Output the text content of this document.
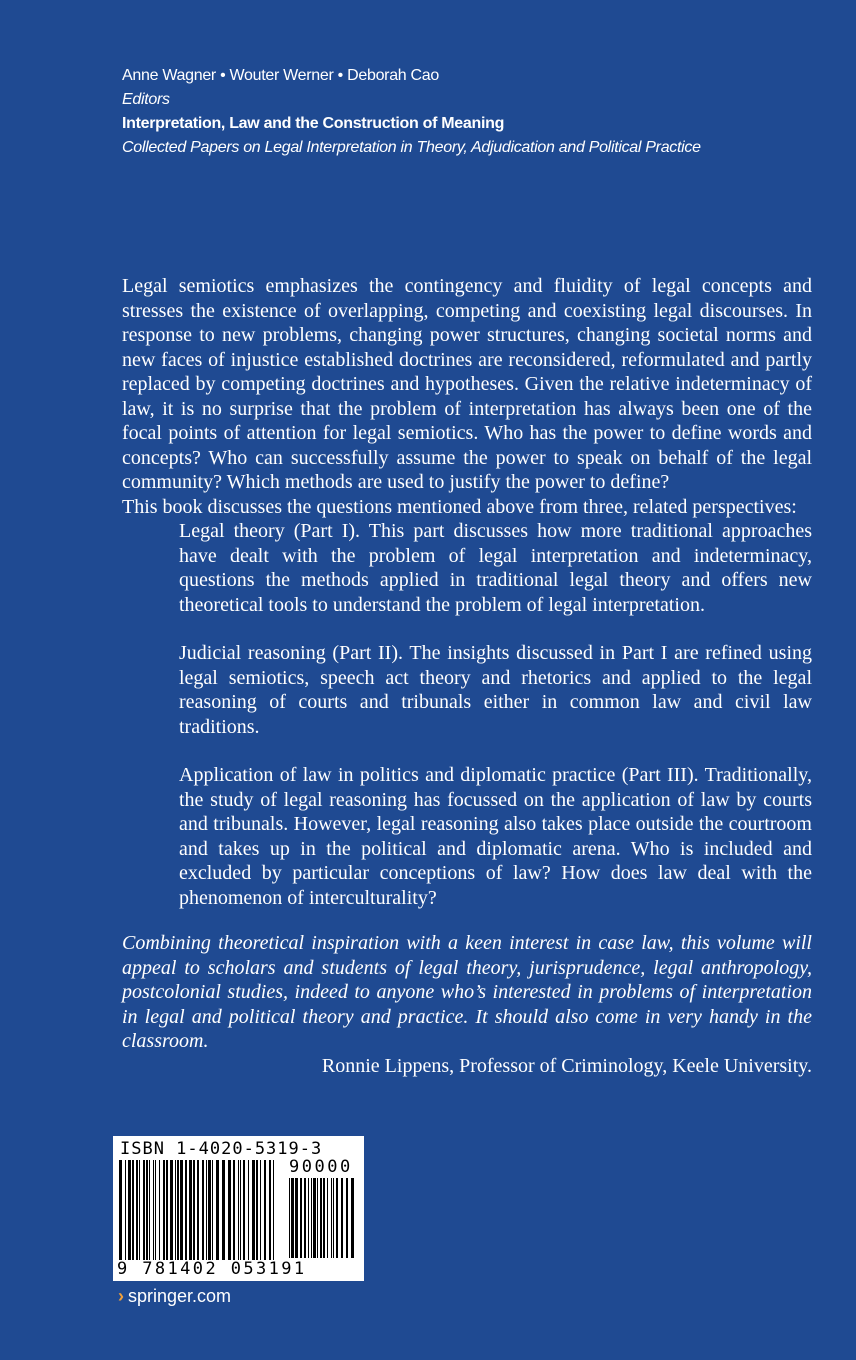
Anne Wagner • Wouter Werner • Deborah Cao
Editors
Interpretation, Law and the Construction of Meaning
Collected Papers on Legal Interpretation in Theory, Adjudication and Political Practice

Legal semiotics emphasizes the contingency and fluidity of legal concepts and stresses the existence of overlapping, competing and coexisting legal discourses. In response to new problems, changing power structures, changing societal norms and new faces of injustice established doctrines are reconsidered, reformulated and partly replaced by competing doctrines and hypotheses. Given the relative indeterminacy of law, it is no surprise that the problem of interpretation has always been one of the focal points of attention for legal semiotics. Who has the power to define words and concepts? Who can successfully assume the power to speak on behalf of the legal community? Which methods are used to justify the power to define?

This book discusses the questions mentioned above from three, related perspectives:

Legal theory (Part I). This part discusses how more traditional approaches have dealt with the problem of legal interpretation and indeterminacy, questions the methods applied in traditional legal theory and offers new theoretical tools to understand the problem of legal interpretation.

Judicial reasoning (Part II). The insights discussed in Part I are refined using legal semiotics, speech act theory and rhetorics and applied to the legal reasoning of courts and tribunals either in common law and civil law traditions.

Application of law in politics and diplomatic practice (Part III). Traditionally, the study of legal reasoning has focussed on the application of law by courts and tribunals. However, legal reasoning also takes place outside the courtroom and takes up in the political and diplomatic arena. Who is included and excluded by particular conceptions of law? How does law deal with the phenomenon of interculturality?

Combining theoretical inspiration with a keen interest in case law, this volume will appeal to scholars and students of legal theory, jurisprudence, legal anthropology, postcolonial studies, indeed to anyone who’s interested in problems of interpretation in legal and political theory and practice. It should also come in very handy in the classroom.

Ronnie Lippens, Professor of Criminology, Keele University.

ISBN 1-4020-5319-3
9 781402 053191
90000
› springer.com
